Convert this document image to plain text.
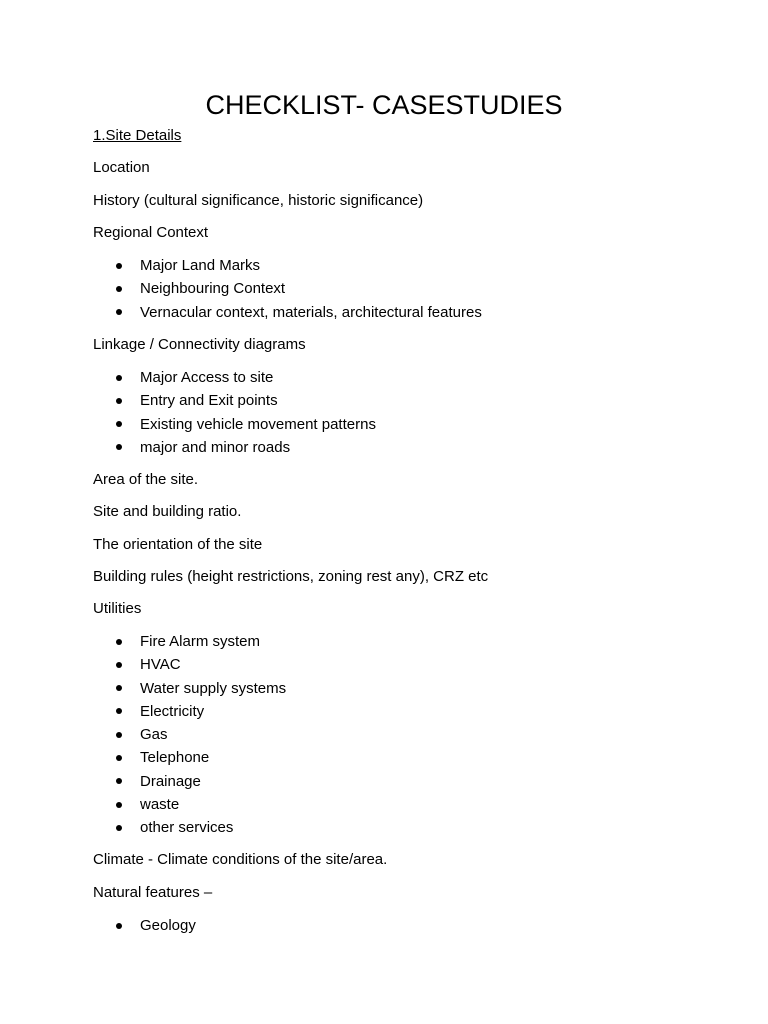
CHECKLIST- CASESTUDIES

1.Site Details

Location

History (cultural significance, historic significance)

Regional Context

Major Land Marks
Neighbouring Context
Vernacular context, materials, architectural features

Linkage / Connectivity diagrams

Major Access to site
Entry and Exit points
Existing vehicle movement patterns
major and minor roads

Area of the site.

Site and building ratio.

The orientation of the site

Building rules (height restrictions, zoning rest any), CRZ etc

Utilities

Fire Alarm system
HVAC
Water supply systems
Electricity
Gas
Telephone
Drainage
waste
other services

Climate - Climate conditions of the site/area.

Natural features –

Geology
